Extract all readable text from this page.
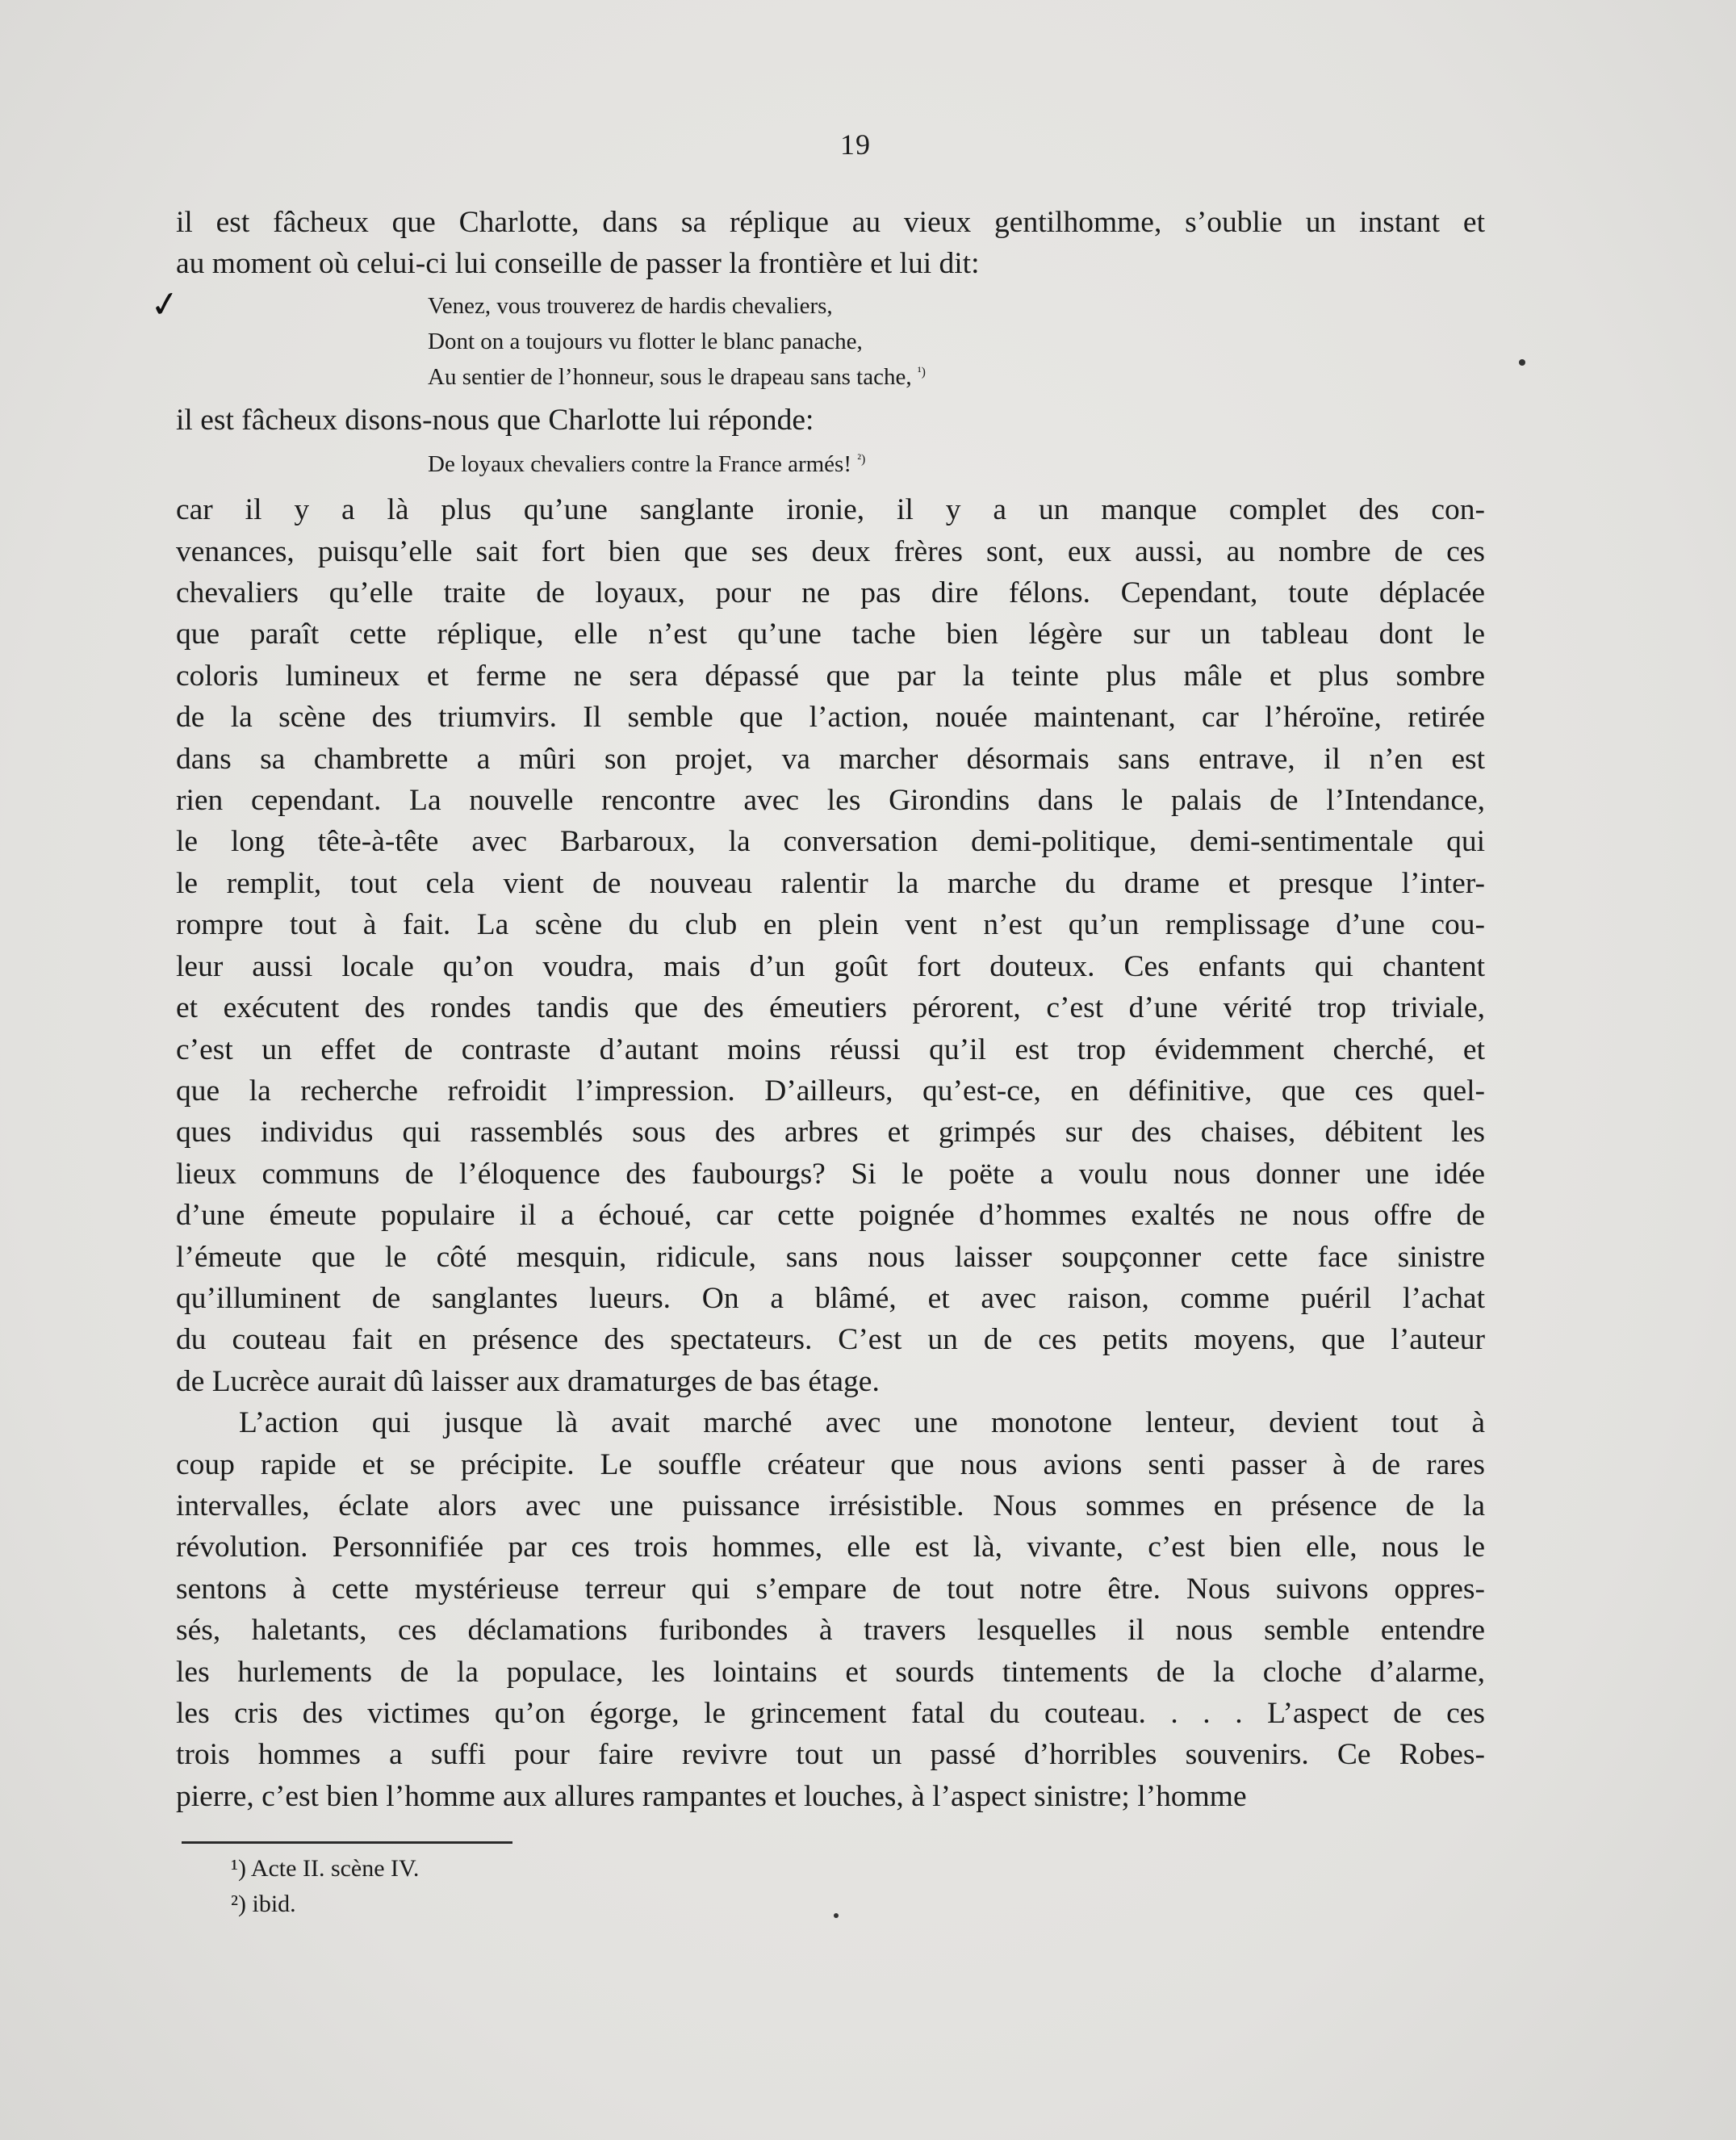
19
✓

il est fâcheux que Charlotte, dans sa réplique au vieux gentilhomme, s’oublie un instant et
au moment où celui-ci lui conseille de passer la frontière et lui dit:

Venez, vous trouverez de hardis chevaliers,
Dont on a toujours vu flotter le blanc panache,
Au sentier de l’honneur, sous le drapeau sans tache, $^{^1)}$

il est fâcheux disons-nous que Charlotte lui réponde:

De loyaux chevaliers contre la France armés! $^{^2)}$

car il y a là plus qu’une sanglante ironie, il y a un manque complet des con-
venances, puisqu’elle sait fort bien que ses deux frères sont, eux aussi, au nombre de ces
chevaliers qu’elle traite de loyaux, pour ne pas dire félons. Cependant, toute déplacée
que paraît cette réplique, elle n’est qu’une tache bien légère sur un tableau dont le
coloris lumineux et ferme ne sera dépassé que par la teinte plus mâle et plus sombre
de la scène des triumvirs. Il semble que l’action, nouée maintenant, car l’héroïne, retirée
dans sa chambrette a mûri son projet, va marcher désormais sans entrave, il n’en est
rien cependant. La nouvelle rencontre avec les Girondins dans le palais de l’Intendance,
le long tête-à-tête avec Barbaroux, la conversation demi-politique, demi-sentimentale qui
le remplit, tout cela vient de nouveau ralentir la marche du drame et presque l’inter-
rompre tout à fait. La scène du club en plein vent n’est qu’un remplissage d’une cou-
leur aussi locale qu’on voudra, mais d’un goût fort douteux. Ces enfants qui chantent
et exécutent des rondes tandis que des émeutiers pérorent, c’est d’une vérité trop triviale,
c’est un effet de contraste d’autant moins réussi qu’il est trop évidemment cherché, et
que la recherche refroidit l’impression. D’ailleurs, qu’est-ce, en définitive, que ces quel-
ques individus qui rassemblés sous des arbres et grimpés sur des chaises, débitent les
lieux communs de l’éloquence des faubourgs? Si le poëte a voulu nous donner une idée
d’une émeute populaire il a échoué, car cette poignée d’hommes exaltés ne nous offre de
l’émeute que le côté mesquin, ridicule, sans nous laisser soupçonner cette face sinistre
qu’illuminent de sanglantes lueurs. On a blâmé, et avec raison, comme puéril l’achat
du couteau fait en présence des spectateurs. C’est un de ces petits moyens, que l’auteur
de Lucrèce aurait dû laisser aux dramaturges de bas étage.

L’action qui jusque là avait marché avec une monotone lenteur, devient tout à
coup rapide et se précipite. Le souffle créateur que nous avions senti passer à de rares
intervalles, éclate alors avec une puissance irrésistible. Nous sommes en présence de la
révolution. Personnifiée par ces trois hommes, elle est là, vivante, c’est bien elle, nous le
sentons à cette mystérieuse terreur qui s’empare de tout notre être. Nous suivons oppres-
sés, haletants, ces déclamations furibondes à travers lesquelles il nous semble entendre
les hurlements de la populace, les lointains et sourds tintements de la cloche d’alarme,
les cris des victimes qu’on égorge, le grincement fatal du couteau. . . . L’aspect de ces
trois hommes a suffi pour faire revivre tout un passé d’horribles souvenirs. Ce Robes-
pierre, c’est bien l’homme aux allures rampantes et louches, à l’aspect sinistre; l’homme

¹) Acte II. scène IV.
²) ibid.
